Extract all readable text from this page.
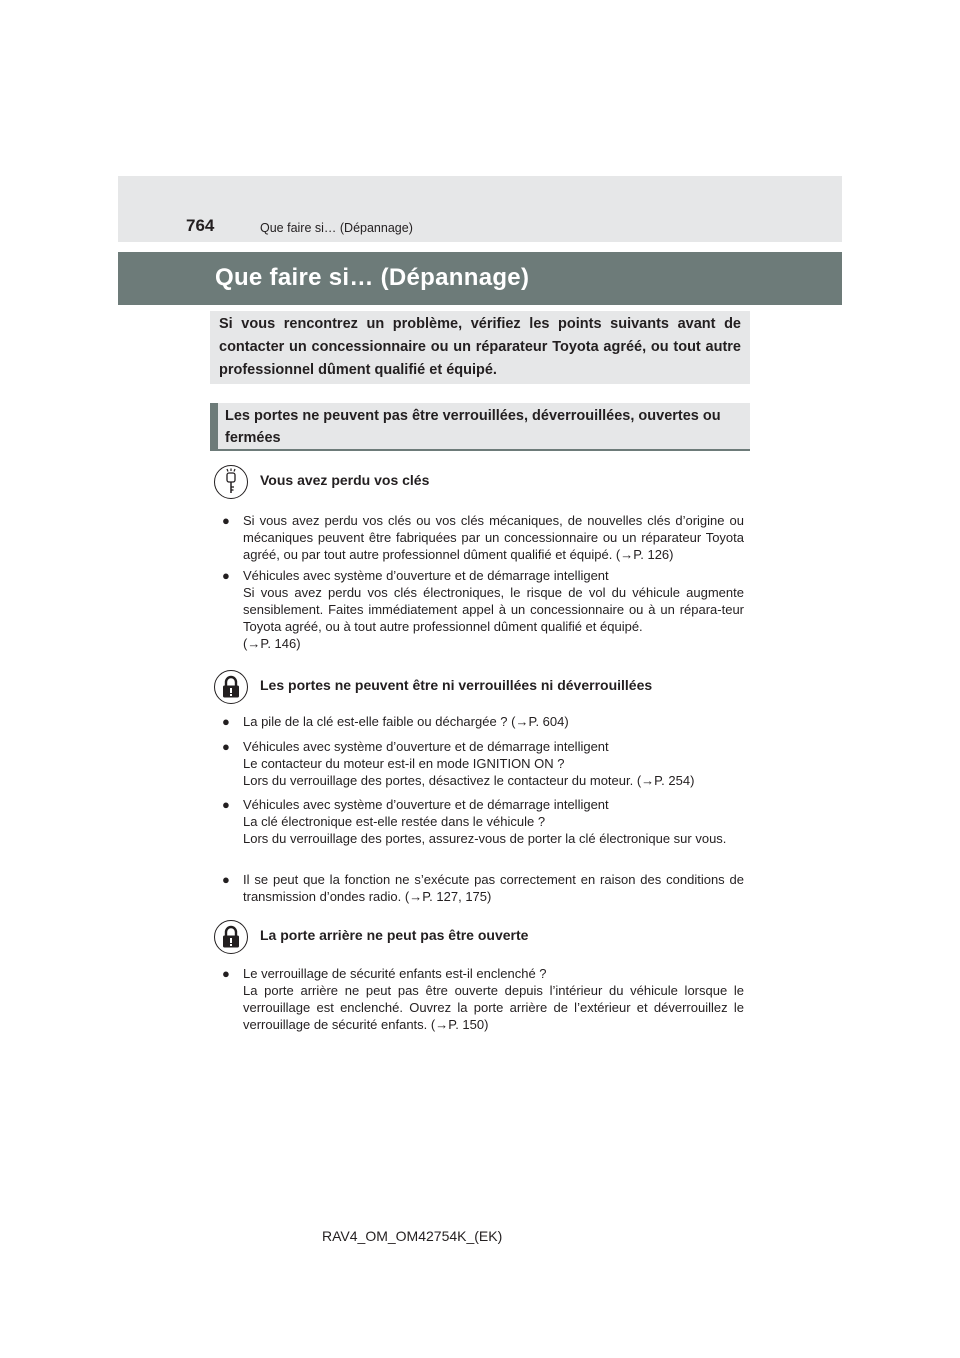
764	Que faire si… (Dépannage)
Que faire si… (Dépannage)
Si vous rencontrez un problème, vérifiez les points suivants avant de contacter un concessionnaire ou un réparateur Toyota agréé, ou tout autre professionnel dûment qualifié et équipé.
Les portes ne peuvent pas être verrouillées, déverrouillées, ouvertes ou fermées
Vous avez perdu vos clés
● Si vous avez perdu vos clés ou vos clés mécaniques, de nouvelles clés d’origine ou mécaniques peuvent être fabriquées par un concessionnaire ou un réparateur Toyota agréé, ou par tout autre professionnel dûment qualifié et équipé. (→P. 126)
● Véhicules avec système d’ouverture et de démarrage intelligent
Si vous avez perdu vos clés électroniques, le risque de vol du véhicule augmente sensiblement. Faites immédiatement appel à un concessionnaire ou à un répara-teur Toyota agréé, ou à tout autre professionnel dûment qualifié et équipé.
(→P. 146)
Les portes ne peuvent être ni verrouillées ni déverrouillées
● La pile de la clé est-elle faible ou déchargée ? (→P. 604)
● Véhicules avec système d’ouverture et de démarrage intelligent
Le contacteur du moteur est-il en mode IGNITION ON ?
Lors du verrouillage des portes, désactivez le contacteur du moteur. (→P. 254)
● Véhicules avec système d’ouverture et de démarrage intelligent
La clé électronique est-elle restée dans le véhicule ?
Lors du verrouillage des portes, assurez-vous de porter la clé électronique sur vous.
● Il se peut que la fonction ne s’exécute pas correctement en raison des conditions de transmission d’ondes radio. (→P. 127, 175)
La porte arrière ne peut pas être ouverte
● Le verrouillage de sécurité enfants est-il enclenché ?
La porte arrière ne peut pas être ouverte depuis l’intérieur du véhicule lorsque le verrouillage est enclenché. Ouvrez la porte arrière de l’extérieur et déverrouillez le verrouillage de sécurité enfants. (→P. 150)
RAV4_OM_OM42754K_(EK)
